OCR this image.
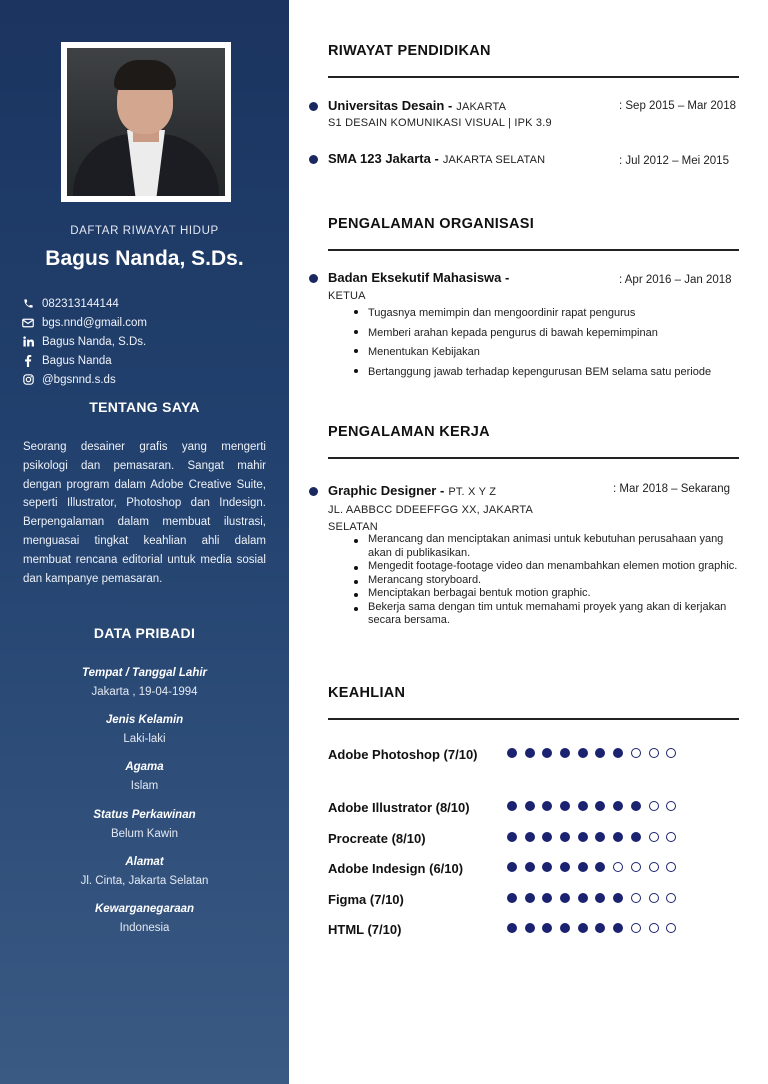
DAFTAR RIWAYAT HIDUP
Bagus Nanda, S.Ds.
082313144144
bgs.nnd@gmail.com
Bagus Nanda, S.Ds.
Bagus Nanda
@bgsnnd.s.ds
TENTANG SAYA
Seorang desainer grafis yang mengerti psikologi dan pemasaran. Sangat mahir dengan program dalam Adobe Creative Suite, seperti Illustrator, Photoshop dan Indesign. Berpengalaman dalam membuat ilustrasi, menguasai tingkat keahlian ahli dalam membuat rencana editorial untuk media sosial dan kampanye pemasaran.
DATA PRIBADI
Tempat / Tanggal Lahir
Jakarta , 19-04-1994
Jenis Kelamin
Laki-laki
Agama
Islam
Status Perkawinan
Belum Kawin
Alamat
Jl. Cinta, Jakarta Selatan
Kewarganegaraan
Indonesia
RIWAYAT PENDIDIKAN
Universitas Desain - JAKARTA	: Sep 2015 – Mar 2018
S1 DESAIN KOMUNIKASI VISUAL | IPK 3.9
SMA 123 Jakarta - JAKARTA SELATAN	: Jul 2012 – Mei 2015
PENGALAMAN ORGANISASI
Badan Eksekutif Mahasiswa -	: Apr 2016 – Jan 2018
KETUA
Tugasnya memimpin dan mengoordinir rapat pengurus
Memberi arahan kepada pengurus di bawah kepemimpinan
Menentukan Kebijakan
Bertanggung jawab terhadap kepengurusan BEM selama satu periode
PENGALAMAN KERJA
Graphic Designer - PT. X Y Z	: Mar 2018 – Sekarang
JL. AABBCC DDEEFFGG XX, JAKARTA
SELATAN
Merancang dan menciptakan animasi untuk kebutuhan perusahaan yang akan di publikasikan.
Mengedit footage-footage video dan menambahkan elemen motion graphic.
Merancang storyboard.
Menciptakan berbagai bentuk motion graphic.
Bekerja sama dengan tim untuk memahami proyek yang akan di kerjakan secara bersama.
KEAHLIAN
Adobe Photoshop (7/10)
Adobe Illustrator (8/10)
Procreate (8/10)
Adobe Indesign (6/10)
Figma (7/10)
HTML (7/10)
